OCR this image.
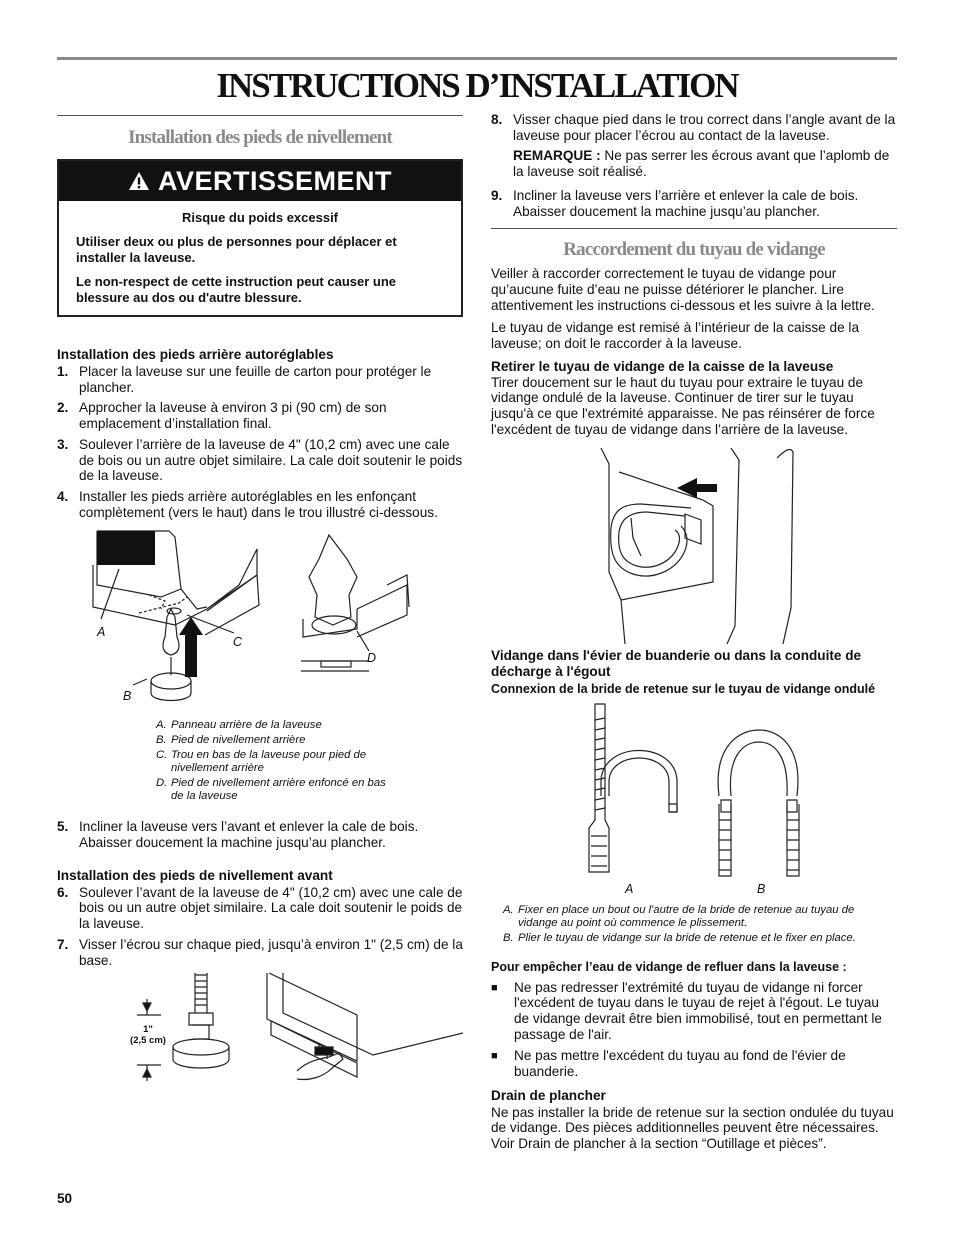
INSTRUCTIONS D’INSTALLATION
Installation des pieds de nivellement
AVERTISSEMENT

Risque du poids excessif

Utiliser deux ou plus de personnes pour déplacer et installer la laveuse.

Le non-respect de cette instruction peut causer une blessure au dos ou d'autre blessure.

Installation des pieds arrière autoréglables
1. Placer la laveuse sur une feuille de carton pour protéger le plancher.
2. Approcher la laveuse à environ 3 pi (90 cm) de son emplacement d’installation final.
3. Soulever l’arrière de la laveuse de 4" (10,2 cm) avec une cale de bois ou un autre objet similaire. La cale doit soutenir le poids de la laveuse.
4. Installer les pieds arrière autoréglables en les enfonçant complètement (vers le haut) dans le trou illustré ci-dessous.
A
B
C
D
A. Panneau arrière de la laveuse
B. Pied de nivellement arrière
C. Trou en bas de la laveuse pour pied de nivellement arrière
D. Pied de nivellement arrière enfoncé en bas de la laveuse
5. Incliner la laveuse vers l’avant et enlever la cale de bois. Abaisser doucement la machine jusqu’au plancher.
Installation des pieds de nivellement avant
6. Soulever l’avant de la laveuse de 4" (10,2 cm) avec une cale de bois ou un autre objet similaire. La cale doit soutenir le poids de la laveuse.
7. Visser l’écrou sur chaque pied, jusqu’à environ 1" (2,5 cm) de la base.
1"
(2,5 cm)
8. Visser chaque pied dans le trou correct dans l’angle avant de la laveuse pour placer l’écrou au contact de la laveuse.
REMARQUE : Ne pas serrer les écrous avant que l’aplomb de la laveuse soit réalisé.
9. Incliner la laveuse vers l’arrière et enlever la cale de bois. Abaisser doucement la machine jusqu’au plancher.
Raccordement du tuyau de vidange
Veiller à raccorder correctement le tuyau de vidange pour qu’aucune fuite d’eau ne puisse détériorer le plancher. Lire attentivement les instructions ci-dessous et les suivre à la lettre.
Le tuyau de vidange est remisé à l’intérieur de la caisse de la laveuse; on doit le raccorder à la laveuse.
Retirer le tuyau de vidange de la caisse de la laveuse
Tirer doucement sur le haut du tuyau pour extraire le tuyau de vidange ondulé de la laveuse. Continuer de tirer sur le tuyau jusqu'à ce que l'extrémité apparaisse. Ne pas réinsérer de force l'excédent de tuyau de vidange dans l’arrière de la laveuse.
Vidange dans l'évier de buanderie ou dans la conduite de décharge à l'égout
Connexion de la bride de retenue sur le tuyau de vidange ondulé
A	B
A. Fixer en place un bout ou l'autre de la bride de retenue au tuyau de vidange au point où commence le plissement.
B. Plier le tuyau de vidange sur la bride de retenue et le fixer en place.
Pour empêcher l’eau de vidange de refluer dans la laveuse :
■	Ne pas redresser l'extrémité du tuyau de vidange ni forcer l'excédent de tuyau dans le tuyau de rejet à l'égout. Le tuyau de vidange devrait être bien immobilisé, tout en permettant le passage de l'air.
■	Ne pas mettre l'excédent du tuyau au fond de l'évier de buanderie.
Drain de plancher
Ne pas installer la bride de retenue sur la section ondulée du tuyau de vidange. Des pièces additionnelles peuvent être nécessaires. Voir Drain de plancher à la section “Outillage et pièces”.
50
